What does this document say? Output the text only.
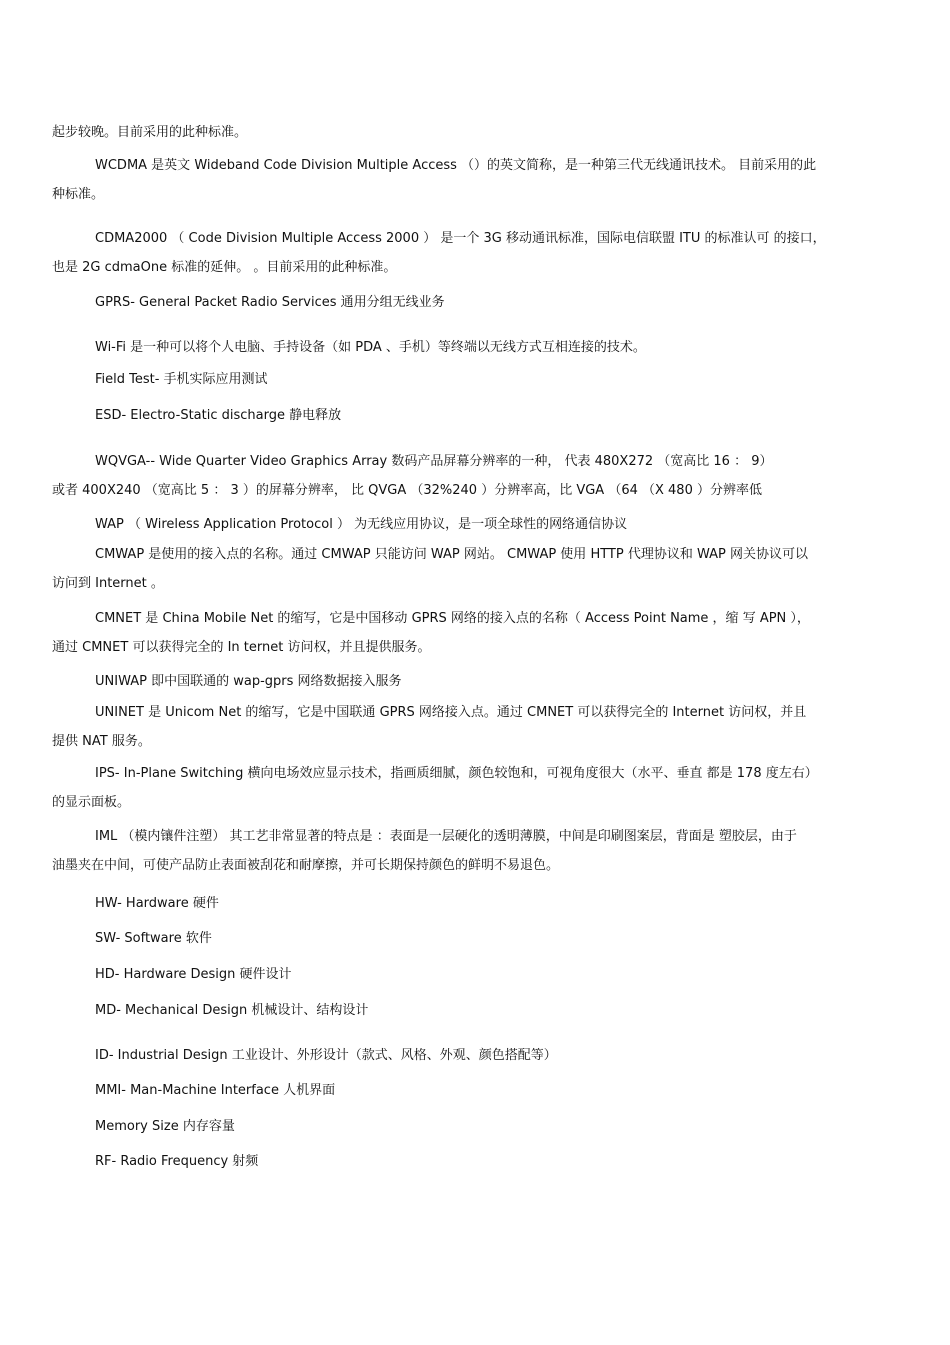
起步较晚。目前采用的此种标准。
WCDMA 是英文 Wideband Code Division Multiple Access （）的英文简称，是一种第三代无线通讯技术。 目前采用的此
种标准。
CDMA2000 （ Code Division Multiple Access 2000 ） 是一个 3G 移动通讯标准，国际电信联盟 ITU 的标准认可 的接口，
也是 2G cdmaOne 标准的延伸。 。目前采用的此种标准。
GPRS- General Packet Radio Services 通用分组无线业务
Wi-Fi 是一种可以将个人电脑、手持设备（如 PDA 、手机）等终端以无线方式互相连接的技术。
Field Test- 手机实际应用测试
ESD- Electro-Static discharge 静电释放
WQVGA-- Wide Quarter Video Graphics Array 数码产品屏幕分辨率的一种， 代表 480X272 （宽高比 16 ： 9）
或者 400X240 （宽高比 5 ： 3 ）的屏幕分辨率， 比 QVGA （32%240 ）分辨率高，比 VGA （64 （X 480 ）分辨率低
WAP （ Wireless Application Protocol ） 为无线应用协议，是一项全球性的网络通信协议
CMWAP 是使用的接入点的名称。通过 CMWAP 只能访问 WAP 网站。 CMWAP 使用 HTTP 代理协议和 WAP 网关协议可以
访问到 Internet 。
CMNET 是 China Mobile Net 的缩写，它是中国移动 GPRS 网络的接入点的名称（ Access Point Name ，缩 写 APN ），
通过 CMNET 可以获得完全的 In ternet 访问权，并且提供服务。
UNIWAP 即中国联通的 wap-gprs 网络数据接入服务
UNINET 是 Unicom Net 的缩写，它是中国联通 GPRS 网络接入点。通过 CMNET 可以获得完全的 Internet 访问权，并且
提供 NAT 服务。
IPS- In-Plane Switching 横向电场效应显示技术，指画质细腻，颜色较饱和，可视角度很大（水平、垂直 都是 178 度左右）
的显示面板。
IML （模内镶件注塑） 其工艺非常显著的特点是 ：表面是一层硬化的透明薄膜，中间是印刷图案层，背面是 塑胶层，由于
油墨夹在中间，可使产品防止表面被刮花和耐摩擦，并可长期保持颜色的鲜明不易退色。
HW- Hardware 硬件
SW- Software 软件
HD- Hardware Design 硬件设计
MD- Mechanical Design 机械设计、结构设计
ID- Industrial Design 工业设计、外形设计（款式、风格、外观、颜色搭配等）
MMI- Man-Machine Interface 人机界面
Memory Size 内存容量
RF- Radio Frequency 射频
